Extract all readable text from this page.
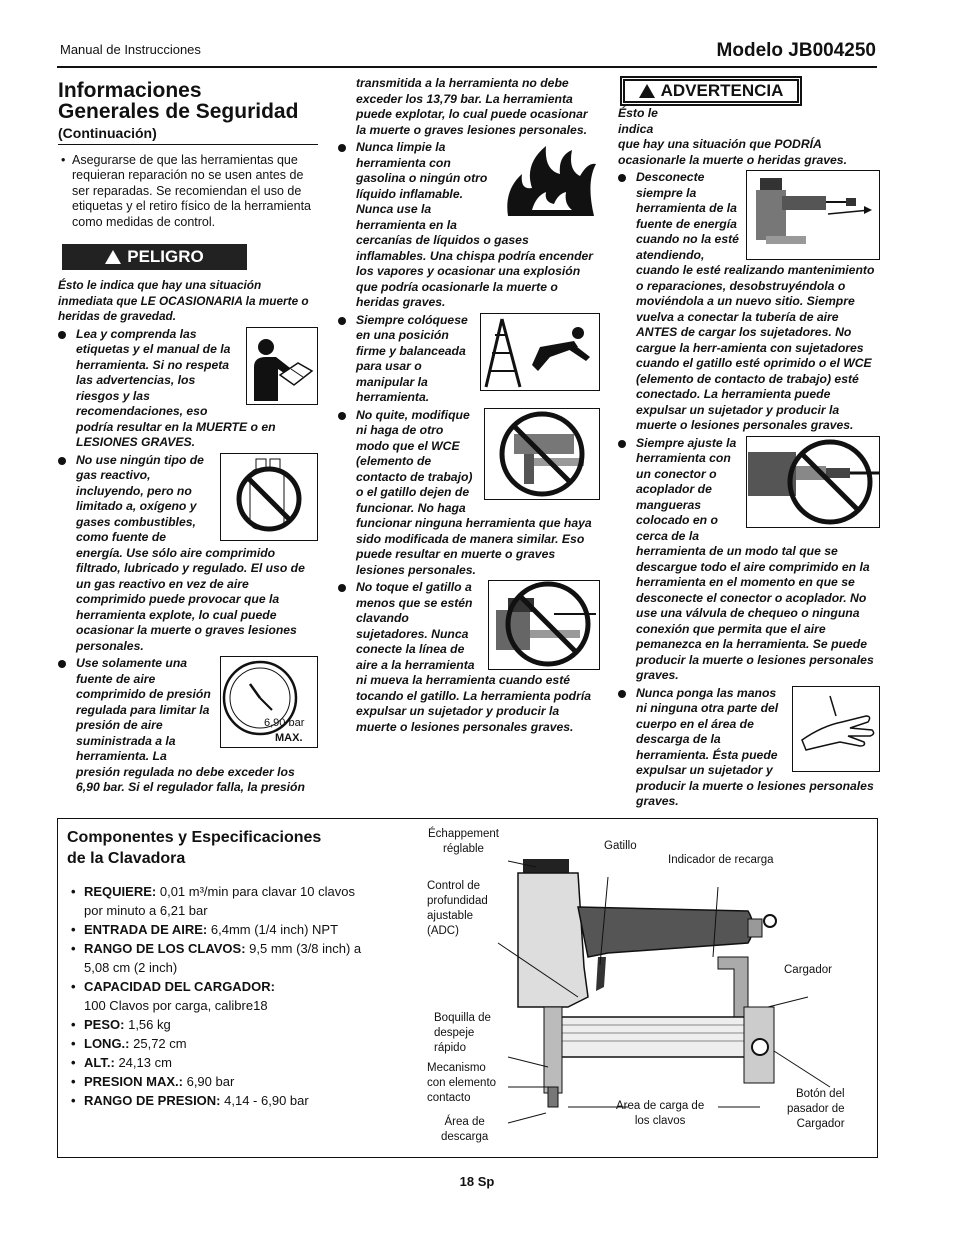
Manual de Instrucciones	Modelo JB004250
Informaciones
Generales de Seguridad
(Continuación)
• Asegurarse de que las herramientas que requieran reparación no se usen antes de ser reparadas. Se recomiendan el uso de etiquetas y el retiro físico de la herramienta como medidas de control.
PELIGRO
Ésto le indica que hay una situación inmediata que LE OCASIONARIA la muerte o heridas de gravedad.
Lea y comprenda las etiquetas y el manual de la herramienta. Si no respeta las advertencias, los riesgos y las recomendaciones, eso podría resultar en la MUERTE o en LESIONES GRAVES.
No use ningún tipo de gas reactivo, incluyendo, pero no limitado a, oxígeno y gases combustibles, como fuente de energía. Use sólo aire comprimido filtrado, lubricado y regulado. El uso de un gas reactivo en vez de aire comprimido puede provocar que la herramienta explote, lo cual puede ocasionar la muerte o graves lesiones personales.
6,90 bar
MAX.
Use solamente una fuente de aire comprimido de presión regulada para limitar la presión de aire suministrada a la herramienta. La presión regulada no debe exceder los 6,90 bar. Si el regulador falla, la presión
transmitida a la herramienta no debe exceder los 13,79 bar. La herramienta puede explotar, lo cual puede ocasionar la muerte o graves lesiones personales.
Nunca limpie la herramienta con gasolina o ningún otro líquido inflamable. Nunca use la herramienta en la cercanías de líquidos o gases inflamables. Una chispa podría encender los vapores y ocasionar una explosión que podría ocasionarle la muerte o heridas graves.
Siempre colóquese en una posición firme y balanceada para usar o manipular la herramienta.
No quite, modifique ni haga de otro modo que el WCE (elemento de contacto de trabajo) o el gatillo dejen de funcionar. No haga funcionar ninguna herramienta que haya sido modificada de manera similar. Eso puede resultar en muerte o graves lesiones personales.
No toque el gatillo a menos que se estén clavando sujetadores. Nunca conecte la línea de aire a la herramienta ni mueva la herramienta cuando esté tocando el gatillo. La herramienta podría expulsar un sujetador y producir la muerte o lesiones personales graves.
ADVERTENCIA
Ésto le indica
que hay una situación que PODRÍA ocasionarle la muerte o heridas graves.
Desconecte siempre la herramienta de la fuente de energía cuando no la esté atendiendo, cuando le esté realizando mantenimiento o reparaciones, desobstruyéndola o moviéndola a un nuevo sitio. Siempre vuelva a conectar la tubería de aire ANTES de cargar los sujetadores. No cargue la herr-amienta con sujetadores cuando el gatillo esté oprimido o el WCE (elemento de contacto de trabajo) esté conectado. La herramienta puede expulsar un sujetador y producir la muerte o lesiones personales graves.
Siempre ajuste la herramienta con un conector o acoplador de mangueras colocado en o cerca de la herramienta de un modo tal que se descargue todo el aire comprimido en la herramienta en el momento en que se desconecte el conector o acoplador. No use una válvula de chequeo o ninguna conexión que permita que el aire pemanezca en la herramienta. Se puede producir la muerte o lesiones personales graves.
Nunca ponga las manos ni ninguna otra parte del cuerpo en el área de descarga de la herramienta. Ésta puede expulsar un sujetador y producir la muerte o lesiones personales graves.
Componentes y Especificaciones
de la Clavadora
• REQUIERE: 0,01 m³/min para clavar 10 clavos por minuto a 6,21 bar
• ENTRADA DE AIRE: 6,4mm (1/4 inch) NPT
• RANGO DE LOS CLAVOS: 9,5 mm (3/8 inch) a 5,08 cm (2 inch)
• CAPACIDAD DEL CARGADOR:
100 Clavos por carga, calibre18
• PESO: 1,56 kg
• LONG.: 25,72 cm
• ALT.: 24,13 cm
• PRESION MAX.: 6,90 bar
• RANGO DE PRESION: 4,14 - 6,90 bar
Échappement
réglable	Gatillo
Indicador de recarga
Control de
profundidad
ajustable
(ADC)
Cargador
Boquilla de
despeje
rápido
Mecanismo
con elemento
contacto
Area de carga de
los clavos
Botón del
pasador de
Cargador
Área de
descarga
18 Sp
